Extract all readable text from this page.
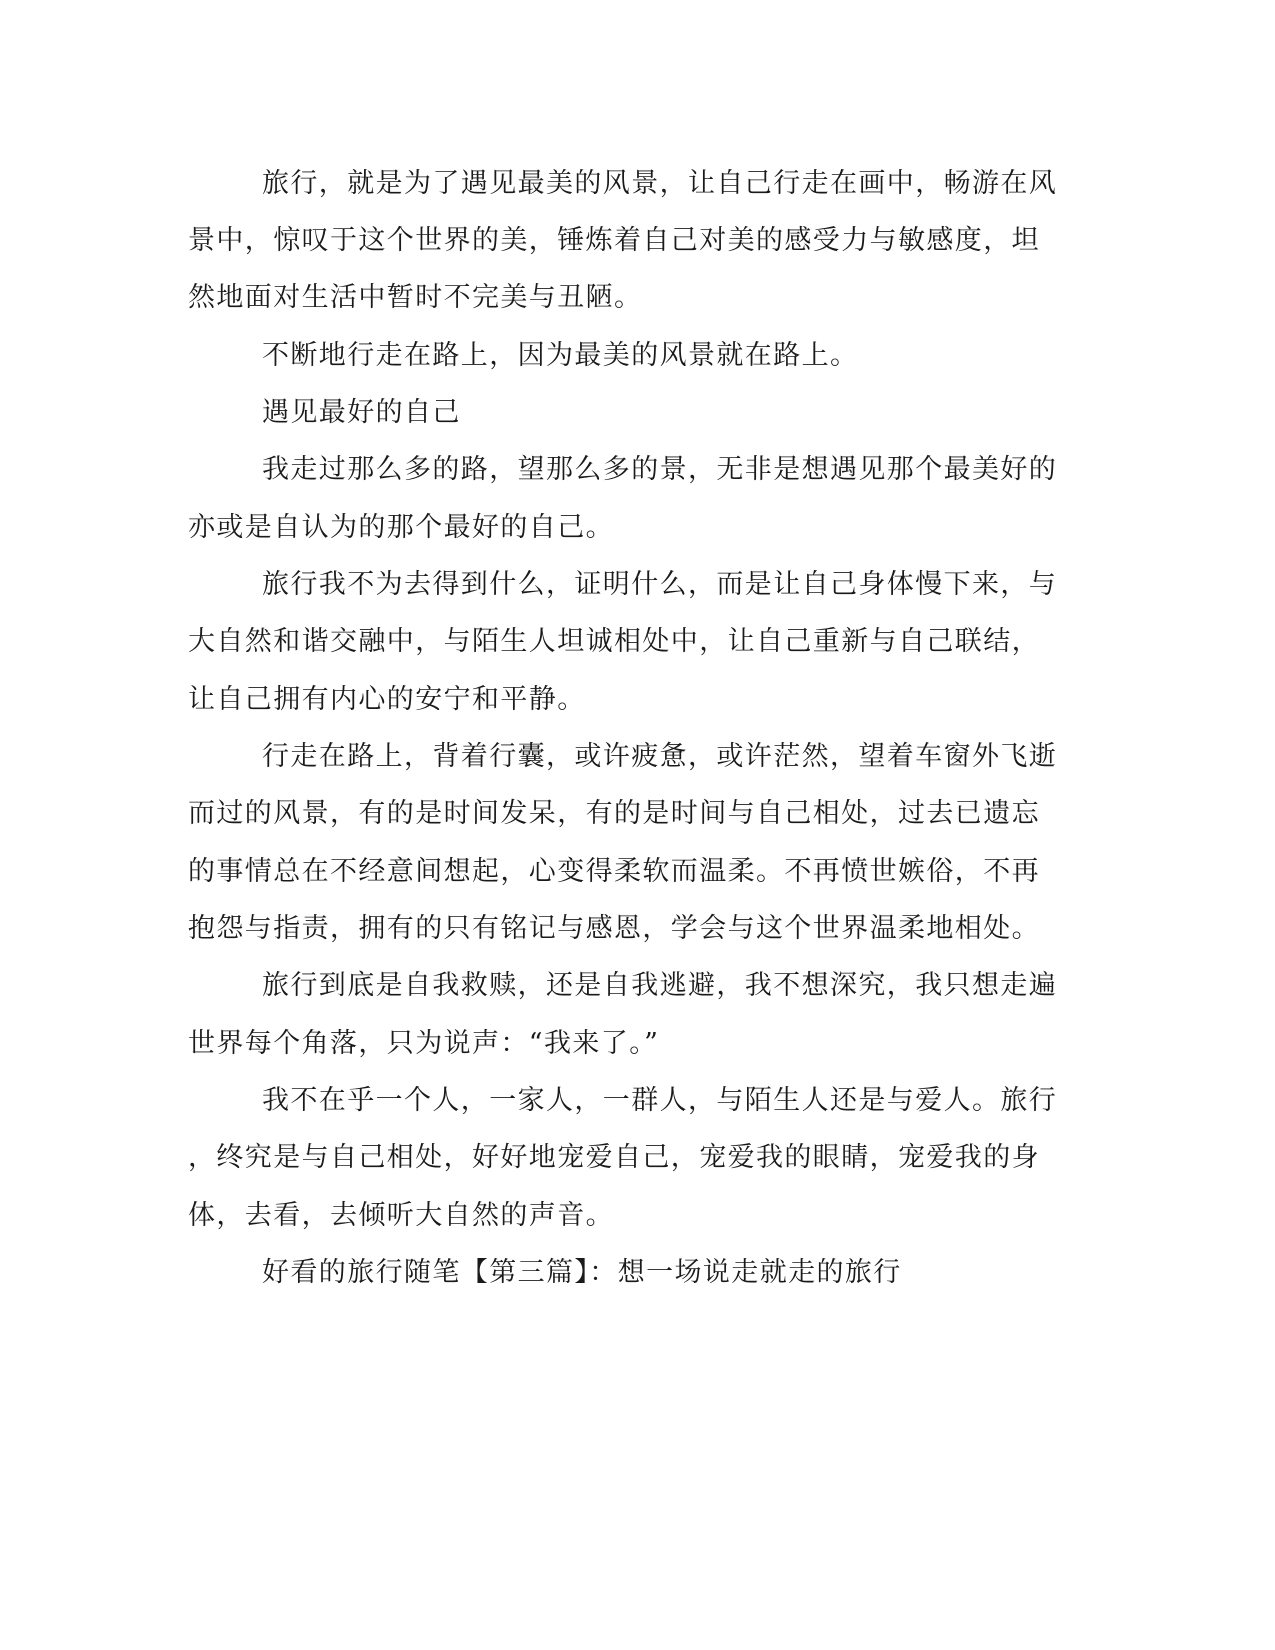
旅行，就是为了遇见最美的风景，让自己行走在画中，畅游在风
景中，惊叹于这个世界的美，锤炼着自己对美的感受力与敏感度，坦
然地面对生活中暂时不完美与丑陋。
不断地行走在路上，因为最美的风景就在路上。
遇见最好的自己
我走过那么多的路，望那么多的景，无非是想遇见那个最美好的
亦或是自认为的那个最好的自己。
旅行我不为去得到什么，证明什么，而是让自己身体慢下来，与
大自然和谐交融中，与陌生人坦诚相处中，让自己重新与自己联结，
让自己拥有内心的安宁和平静。
行走在路上，背着行囊，或许疲惫，或许茫然，望着车窗外飞逝
而过的风景，有的是时间发呆，有的是时间与自己相处，过去已遗忘
的事情总在不经意间想起，心变得柔软而温柔。不再愤世嫉俗，不再
抱怨与指责，拥有的只有铭记与感恩，学会与这个世界温柔地相处。
旅行到底是自我救赎，还是自我逃避，我不想深究，我只想走遍
世界每个角落，只为说声：“我来了。”
我不在乎一个人，一家人，一群人，与陌生人还是与爱人。旅行
，终究是与自己相处，好好地宠爱自己，宠爱我的眼睛，宠爱我的身
体，去看，去倾听大自然的声音。
好看的旅行随笔【第三篇】：想一场说走就走的旅行
